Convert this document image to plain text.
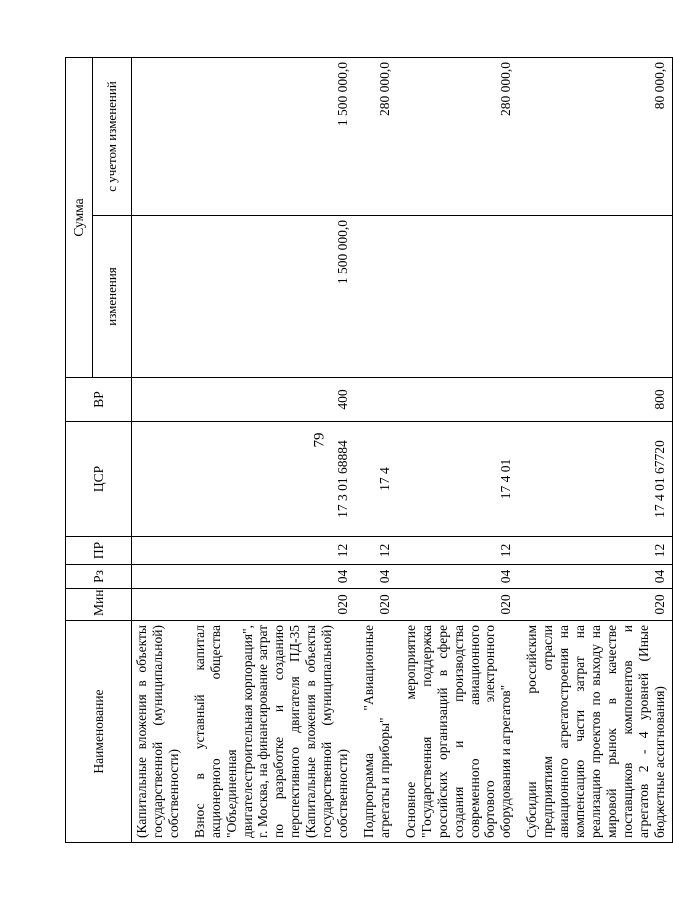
79
Наименование	Мин	Рз	ПР	ЦСР	ВР	Сумма	
						изменения	с учетом изменений
(Капитальные вложения в объекты государственной (муниципальной) собственности)							
Взнос в уставный капитал акционерного общества "Объединенная двигателестроительная корпорация", г. Москва, на финансирование затрат по разработке и созданию перспективного двигателя ПД-35 (Капитальные вложения в объекты государственной (муниципальной) собственности)	020	04	12	17 3 01 68884	400	1 500 000,0	1 500 000,0
Подпрограмма "Авиационные агрегаты и приборы"	020	04	12	17 4			280 000,0
Основное мероприятие "Государственная поддержка российских организаций в сфере создания и производства современного авиационного бортового электронного оборудования и агрегатов"	020	04	12	17 4 01			280 000,0
Субсидии российским предприятиям отрасли авиационного агрегатостроения на компенсацию части затрат на реализацию проектов по выходу на мировой рынок в качестве поставщиков компонентов и агрегатов 2 - 4 уровней (Иные бюджетные ассигнования)	020	04	12	17 4 01 67720	800		80 000,0
